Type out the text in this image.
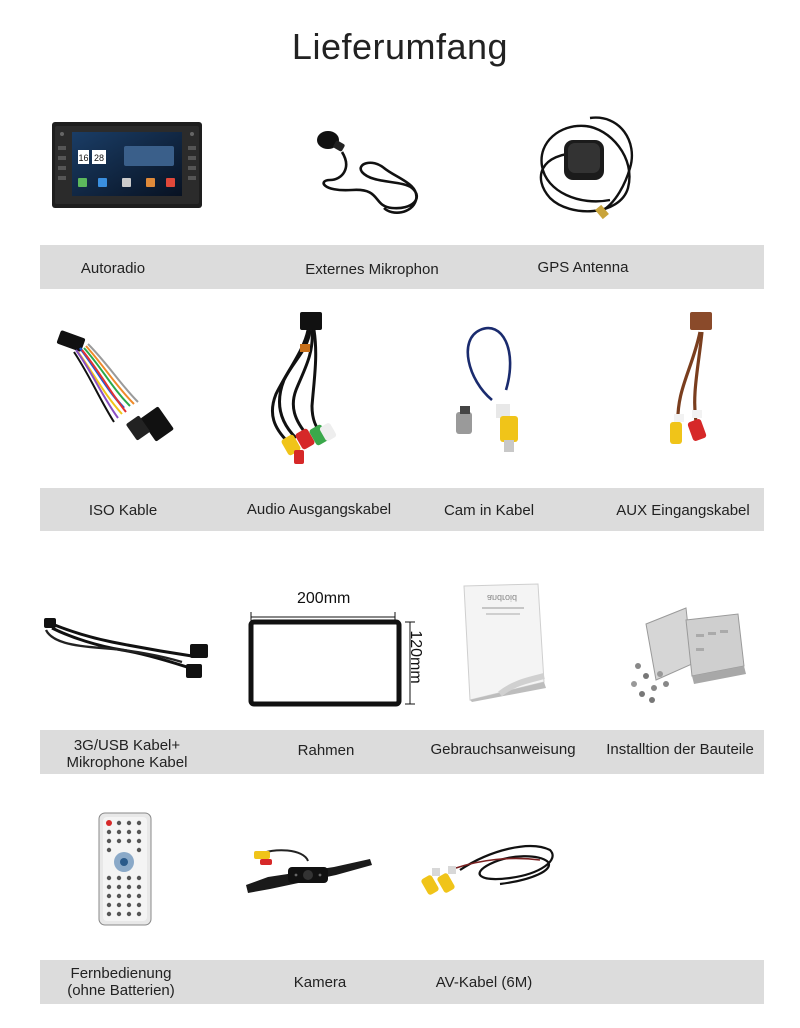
Lieferumfang
16 28
Autoradio	Externes Mikrophon	GPS Antenna
ISO Kable	Audio Ausgangskabel	Cam in Kabel	AUX Eingangskabel
200mm
120mm
android
3G/USB Kabel+
Mikrophone Kabel
Rahmen	Gebrauchsanweisung Installtion der Bauteile
Fernbedienung
(ohne Batterien)	Kamera	AV-Kabel (6M)
